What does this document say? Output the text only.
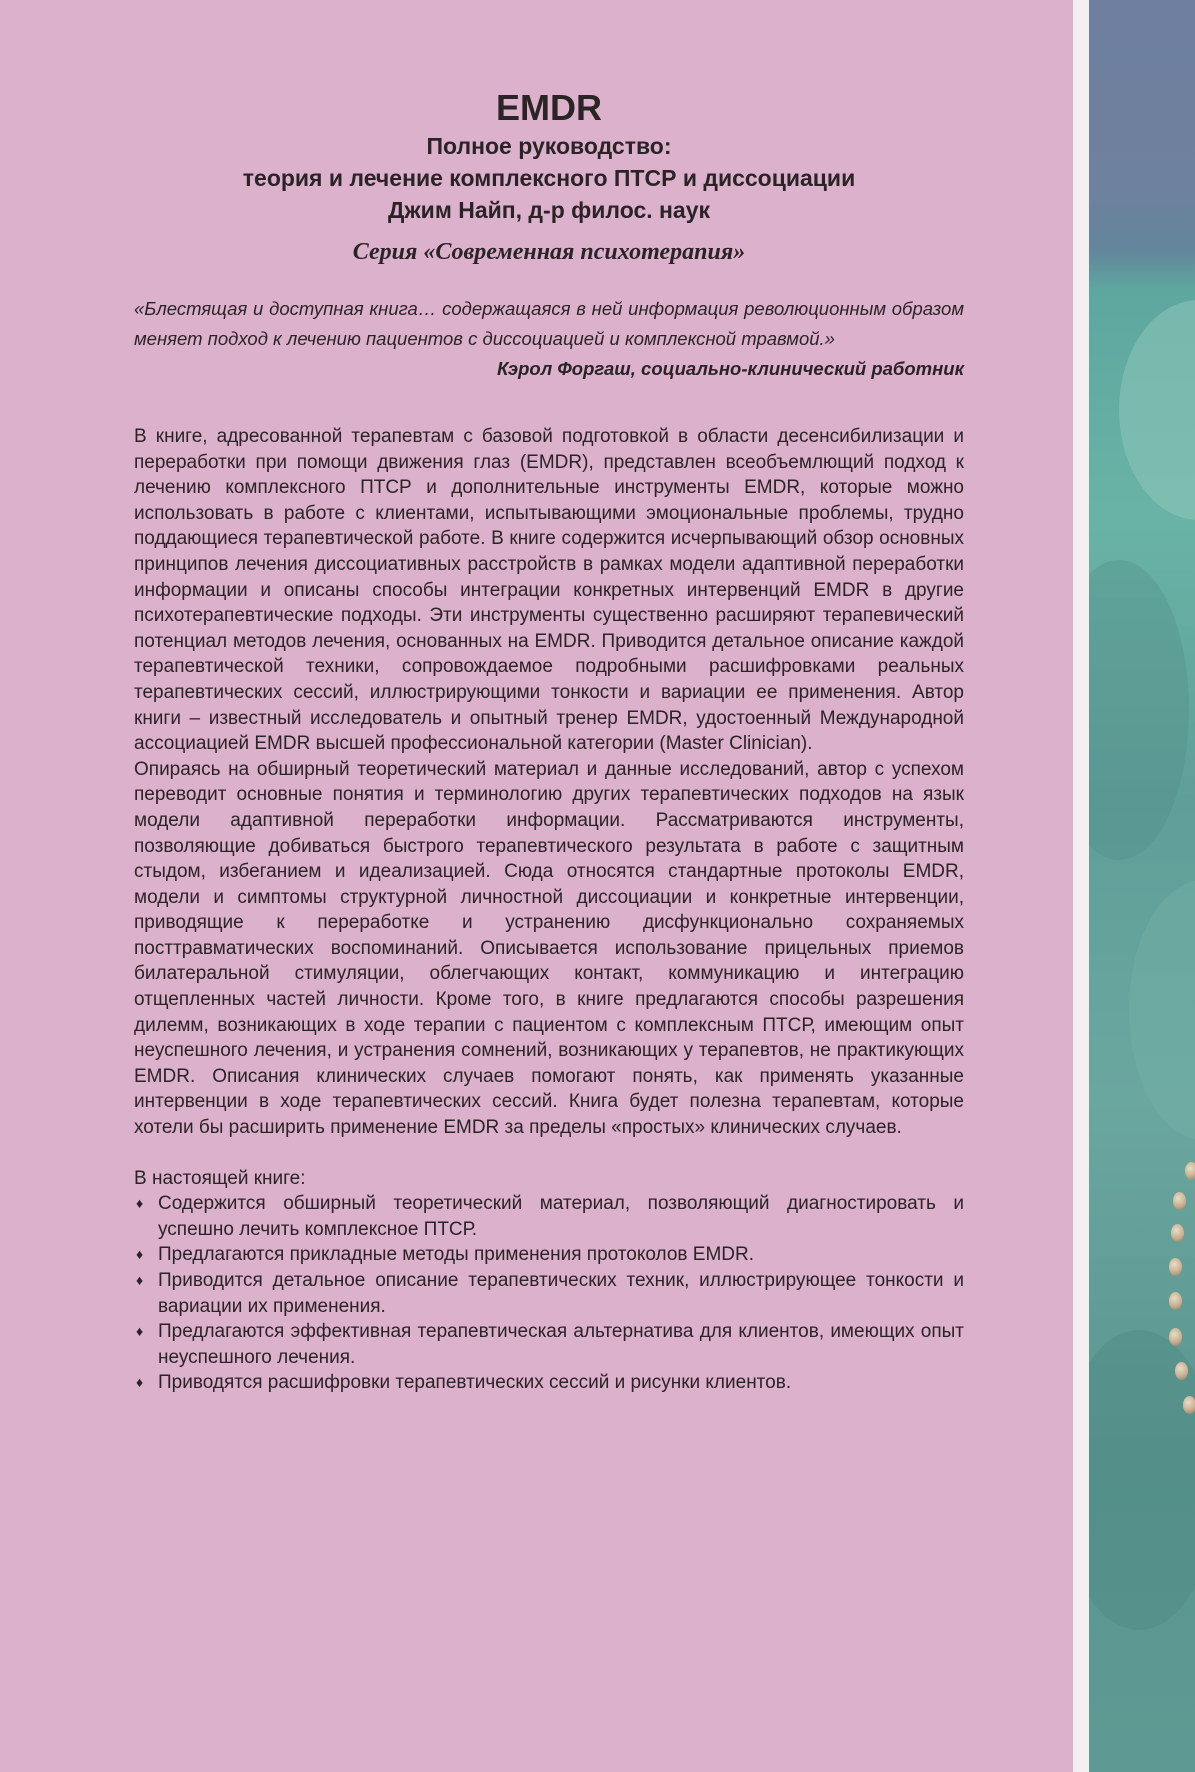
EMDR
Полное руководство:
теория и лечение комплексного ПТСР и диссоциации
Джим Найп, д-р филос. наук
Серия «Современная психотерапия»

«Блестящая и доступная книга… содержащаяся в ней информация революционным образом меняет подход к лечению пациентов с диссоциацией и комплексной травмой.»

Кэрол Форгаш, социально-клинический работник

В книге, адресованной терапевтам с базовой подготовкой в области десенсибилизации и переработки при помощи движения глаз (EMDR), представлен всеобъемлющий подход к лечению комплексного ПТСР и дополнительные инструменты EMDR, которые можно использовать в работе с клиентами, испытывающими эмоциональные проблемы, трудно поддающиеся терапевтической работе. В книге содержится исчерпывающий обзор основных принципов лечения диссоциативных расстройств в рамках модели адаптивной переработки информации и описаны способы интеграции конкретных интервенций EMDR в другие психотерапевтические подходы. Эти инструменты существенно расширяют терапевический потенциал методов лечения, основанных на EMDR. Приводится детальное описание каждой терапевтической техники, сопровождаемое подробными расшифровками реальных терапевтических сессий, иллюстрирующими тонкости и вариации ее применения. Автор книги – известный исследователь и опытный тренер EMDR, удостоенный Международной ассоциацией EMDR высшей профессиональной категории (Master Clinician).

Опираясь на обширный теоретический материал и данные исследований, автор с успехом переводит основные понятия и терминологию других терапевтических подходов на язык модели адаптивной переработки информации. Рассматриваются инструменты, позволяющие добиваться быстрого терапевтического результата в работе с защитным стыдом, избеганием и идеализацией. Сюда относятся стандартные протоколы EMDR, модели и симптомы структурной личностной диссоциации и конкретные интервенции, приводящие к переработке и устранению дисфункционально сохраняемых посттравматических воспоминаний. Описывается использование прицельных приемов билатеральной стимуляции, облегчающих контакт, коммуникацию и интеграцию отщепленных частей личности. Кроме того, в книге предлагаются способы разрешения дилемм, возникающих в ходе терапии с пациентом с комплексным ПТСР, имеющим опыт неуспешного лечения, и устранения сомнений, возникающих у терапевтов, не практикующих EMDR. Описания клинических случаев помогают понять, как применять указанные интервенции в ходе терапевтических сессий. Книга будет полезна терапевтам, которые хотели бы расширить применение EMDR за пределы «простых» клинических случаев.

В настоящей книге:

♦ Содержится обширный теоретический материал, позволяющий диагностировать и успешно лечить комплексное ПТСР.
♦ Предлагаются прикладные методы применения протоколов EMDR.
♦ Приводится детальное описание терапевтических техник, иллюстрирующее тонкости и вариации их применения.
♦ Предлагаются эффективная терапевтическая альтернатива для клиентов, имеющих опыт неуспешного лечения.
♦ Приводятся расшифровки терапевтических сессий и рисунки клиентов.
